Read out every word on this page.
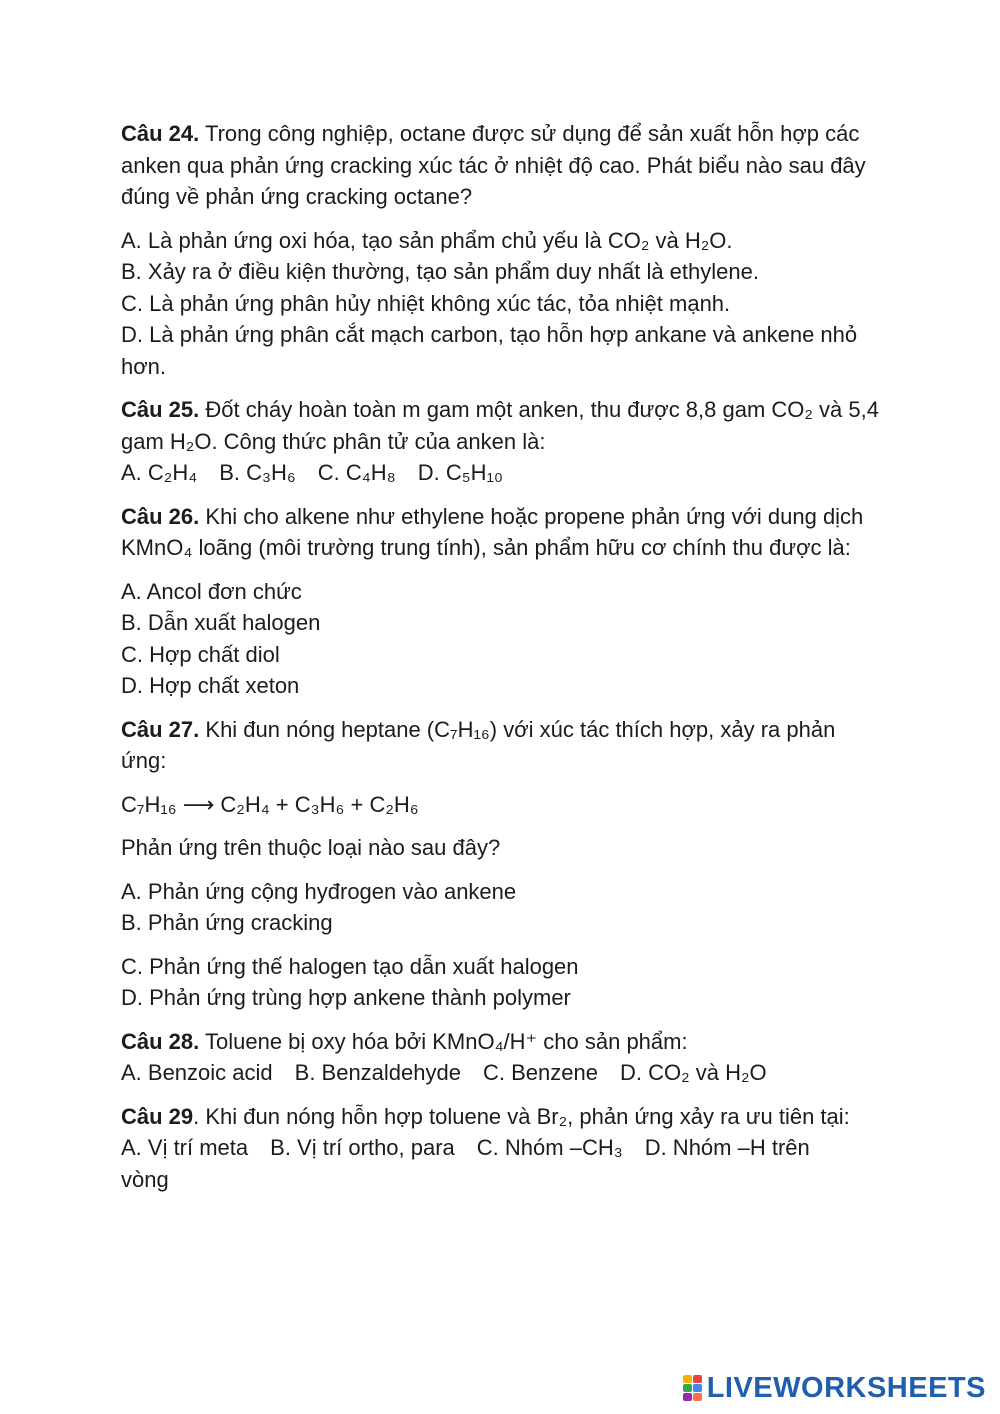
Câu 24. Trong công nghiệp, octane được sử dụng để sản xuất hỗn hợp các anken qua phản ứng cracking xúc tác ở nhiệt độ cao. Phát biểu nào sau đây đúng về phản ứng cracking octane?

A. Là phản ứng oxi hóa, tạo sản phẩm chủ yếu là CO₂ và H₂O.
B. Xảy ra ở điều kiện thường, tạo sản phẩm duy nhất là ethylene.
C. Là phản ứng phân hủy nhiệt không xúc tác, tỏa nhiệt mạnh.
D. Là phản ứng phân cắt mạch carbon, tạo hỗn hợp ankane và ankene nhỏ hơn.

Câu 25. Đốt cháy hoàn toàn m gam một anken, thu được 8,8 gam CO₂ và 5,4 gam H₂O. Công thức phân tử của anken là:

A. C₂H₄ B. C₃H₆ C. C₄H₈ D. C₅H₁₀

Câu 26. Khi cho alkene như ethylene hoặc propene phản ứng với dung dịch KMnO₄ loãng (môi trường trung tính), sản phẩm hữu cơ chính thu được là:

A. Ancol đơn chức
B. Dẫn xuất halogen
C. Hợp chất diol
D. Hợp chất xeton

Câu 27. Khi đun nóng heptane (C₇H₁₆) với xúc tác thích hợp, xảy ra phản ứng:

C₇H₁₆ ⟶ C₂H₄ + C₃H₆ + C₂H₆

Phản ứng trên thuộc loại nào sau đây?

A. Phản ứng cộng hyđrogen vào ankene
B. Phản ứng cracking
C. Phản ứng thế halogen tạo dẫn xuất halogen
D. Phản ứng trùng hợp ankene thành polymer

Câu 28. Toluene bị oxy hóa bởi KMnO₄/H⁺ cho sản phẩm:

A. Benzoic acid B. Benzaldehyde C. Benzene D. CO₂ và H₂O

Câu 29. Khi đun nóng hỗn hợp toluene và Br₂, phản ứng xảy ra ưu tiên tại:

A. Vị trí meta B. Vị trí ortho, para C. Nhóm –CH₃ D. Nhóm –H trên vòng
LIVEWORKSHEETS
